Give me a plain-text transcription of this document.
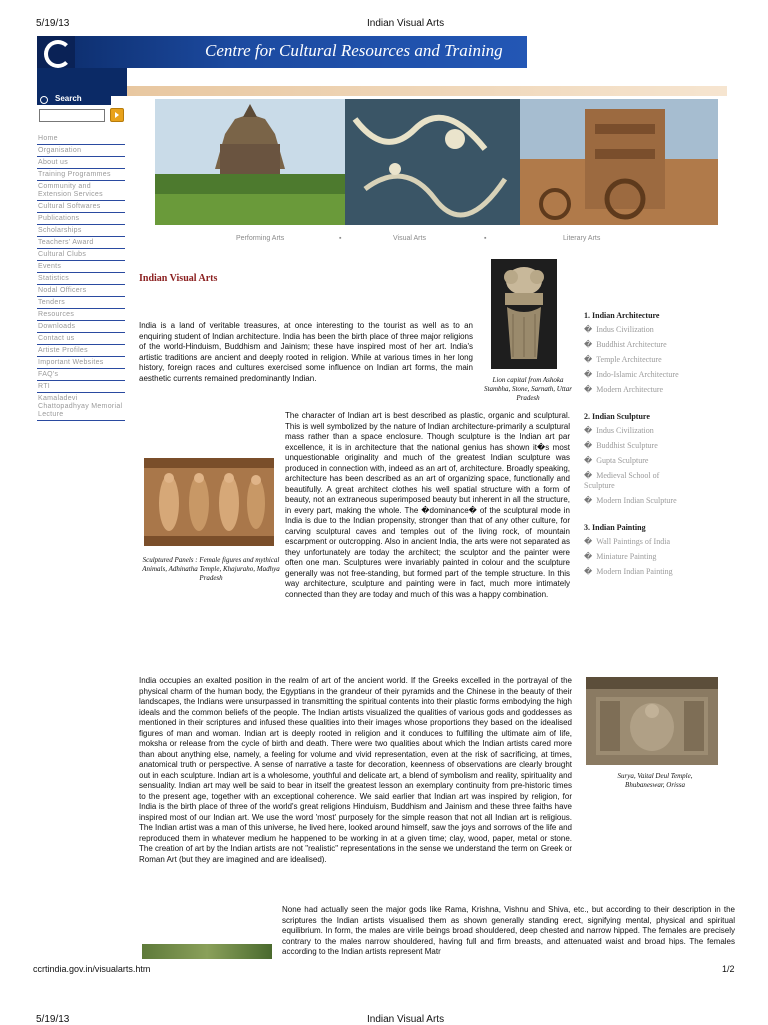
5/19/13	Indian Visual Arts
Centre for Cultural Resources and Training
Search
Home
Organisation
About us
Training Programmes
Community and Extension Services
Cultural Softwares
Publications
Scholarships
Teachers' Award
Cultural Clubs
Events
Statistics
Nodal Officers
Tenders
Resources
Downloads
Contact us
Artiste Profiles
Important Websites
FAQ's
RTI
Kamaladevi Chattopadhyay Memorial Lecture
Performing Arts	▪	Visual Arts	▪	Literary Arts
Indian Visual Arts
Lion capital from Ashoka Stambha, Stone, Sarnath, Uttar Pradesh
India is a land of veritable treasures, at once interesting to the tourist as well as to an enquiring student of Indian architecture. India has been the birth place of three major religions of the world-Hinduism, Buddhism and Jainism; these have inspired most of her art. India's artistic traditions are ancient and deeply rooted in religion. While at various times in her long history, foreign races and cultures exercised some influence on Indian art forms, the main aesthetic currents remained predominantly Indian.
1. Indian Architecture
� Indus Civilization
� Buddhist Architecture
� Temple Architecture
� Indo-Islamic Architecture
� Modern Architecture
2. Indian Sculpture
� Indus Civilization
� Buddhist Sculpture
� Gupta Sculpture
� Medieval School of Sculpture
� Modern Indian Sculpture
3. Indian Painting
� Wall Paintings of India
� Miniature Painting
� Modern Indian Painting
Sculptured Panels : Female figures and mythical Animals, Adhinatha Temple, Khajuraho, Madhya Pradesh
The character of Indian art is best described as plastic, organic and sculptural. This is well symbolized by the nature of Indian architecture-primarily a sculptural mass rather than a space enclosure. Though sculpture is the Indian art par excellence, it is in architecture that the national genius has shown it�s most unquestionable originality and much of the greatest Indian sculpture was produced in connection with, indeed as an art of, architecture. Broadly speaking, architecture has been described as an art of organizing space, functionally and beautifully. A great architect clothes his well spatial structure with a form of beauty, not an extraneous superimposed beauty but inherent in all the structure, in every part, making the whole. The �dominance� of the sculptural mode in India is due to the Indian propensity, stronger than that of any other culture, for carving sculptural caves and temples out of the living rock, of mountain escarpment or outcropping. Also in ancient India, the arts were not separated as they unfortunately are today the architect; the sculptor and the painter were often one man. Sculptures were invariably painted in colour and the sculpture generally was not free-standing, but formed part of the temple structure. In this way architecture, sculpture and painting were in fact, much more intimately connected than they are today and much of this was a happy combination.
India occupies an exalted position in the realm of art of the ancient world. If the Greeks excelled in the portrayal of the physical charm of the human body, the Egyptians in the grandeur of their pyramids and the Chinese in the beauty of their landscapes, the Indians were unsurpassed in transmitting the spiritual contents into their plastic forms embodying the high ideals and the common beliefs of the people. The Indian artists visualized the qualities of various gods and goddesses as mentioned in their scriptures and infused these qualities into their images whose proportions they based on the idealised figures of man and woman. Indian art is deeply rooted in religion and it conduces to fulfilling the ultimate aim of life, moksha or release from the cycle of birth and death. There were two qualities about which the Indian artists cared more than about anything else, namely, a feeling for volume and vivid representation, even at the risk of sacrificing, at times, anatomical truth or perspective. A sense of narrative a taste for decoration, keenness of observations are clearly brought out in each sculpture. Indian art is a wholesome, youthful and delicate art, a blend of symbolism and reality, spirituality and sensuality. Indian art may well be said to bear in itself the greatest lesson an exemplary continuity from pre-historic times to the present age, together with an exceptional coherence. We said earlier that Indian art was inspired by religion, for India is the birth place of three of the world's great religions Hinduism, Buddhism and Jainism and these three faiths have inspired most of our Indian art. We use the word 'most' purposely for the simple reason that not all Indian art is religious. The Indian artist was a man of this universe, he lived here, looked around himself, saw the joys and sorrows of the life and reproduced them in whatever medium he happened to be working in at a given time; clay, wood, paper, metal or stone. The creation of art by the Indian artists are not "realistic" representations in the sense we understand the term on Greek or Roman Art (but they are imagined and are idealised).
Surya, Vaital Deul Temple, Bhubaneswar, Orissa
None had actually seen the major gods like Rama, Krishna, Vishnu and Shiva, etc., but according to their description in the scriptures the Indian artists visualised them as shown generally standing erect, signifying mental, physical and spiritual equilibrium. In form, the males are virile beings broad shouldered, deep chested and narrow hipped. The females are precisely contrary to the males narrow shouldered, having full and firm breasts, and attenuated waist and broad hips. The females according to the Indian artists represent Matr
ccrtindia.gov.in/visualarts.htm	1/2
5/19/13	Indian Visual Arts
